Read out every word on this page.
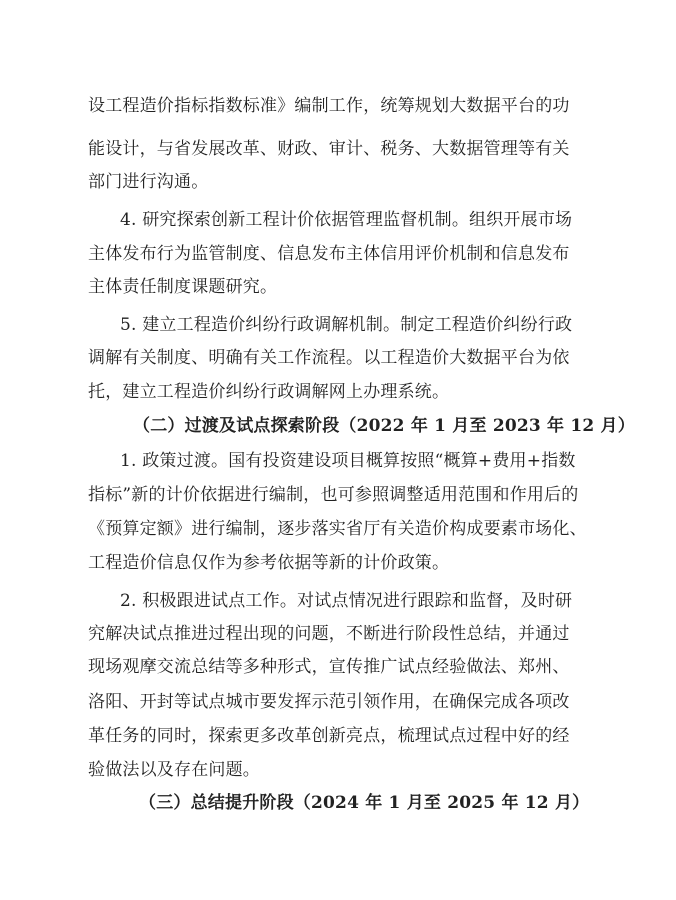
设工程造价指标指数标准》编制工作，统筹规划大数据平台的功
能设计，与省发展改革、财政、审计、税务、大数据管理等有关
部门进行沟通。
4. 研究探索创新工程计价依据管理监督机制。组织开展市场
主体发布行为监管制度、信息发布主体信用评价机制和信息发布
主体责任制度课题研究。
5. 建立工程造价纠纷行政调解机制。制定工程造价纠纷行政
调解有关制度、明确有关工作流程。以工程造价大数据平台为依
托，建立工程造价纠纷行政调解网上办理系统。
（二）过渡及试点探索阶段（2022 年 1 月至 2023 年 12 月）
1. 政策过渡。国有投资建设项目概算按照“概算+费用+指数
指标”新的计价依据进行编制，也可参照调整适用范围和作用后的
《预算定额》进行编制，逐步落实省厅有关造价构成要素市场化、
工程造价信息仅作为参考依据等新的计价政策。
2. 积极跟进试点工作。对试点情况进行跟踪和监督，及时研
究解决试点推进过程出现的问题，不断进行阶段性总结，并通过
现场观摩交流总结等多种形式，宣传推广试点经验做法、郑州、
洛阳、开封等试点城市要发挥示范引领作用，在确保完成各项改
革任务的同时，探索更多改革创新亮点，梳理试点过程中好的经
验做法以及存在问题。
（三）总结提升阶段（2024 年 1 月至 2025 年 12 月）
